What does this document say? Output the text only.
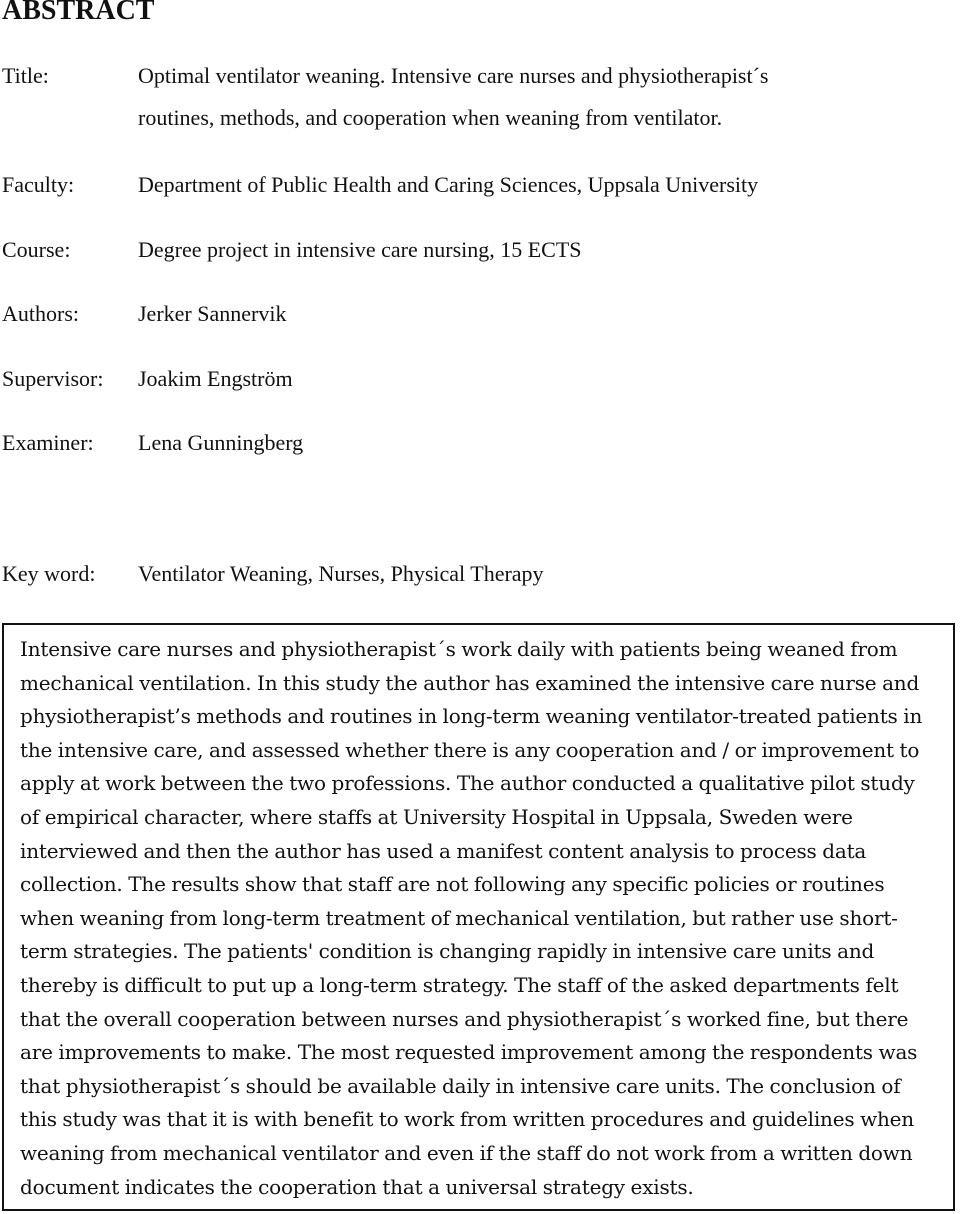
ABSTRACT
Title:	Optimal ventilator weaning. Intensive care nurses and physiotherapist´s
routines, methods, and cooperation when weaning from ventilator.
Faculty:	Department of Public Health and Caring Sciences, Uppsala University
Course:	Degree project in intensive care nursing, 15 ECTS
Authors:	Jerker Sannervik
Supervisor: Joakim Engström
Examiner: Lena Gunningberg
Key word: Ventilator Weaning, Nurses, Physical Therapy
Intensive care nurses and physiotherapist´s work daily with patients being weaned from
mechanical ventilation. In this study the author has examined the intensive care nurse and
physiotherapist’s methods and routines in long-term weaning ventilator-treated patients in
the intensive care, and assessed whether there is any cooperation and / or improvement to
apply at work between the two professions. The author conducted a qualitative pilot study
of empirical character, where staffs at University Hospital in Uppsala, Sweden were
interviewed and then the author has used a manifest content analysis to process data
collection. The results show that staff are not following any specific policies or routines
when weaning from long-term treatment of mechanical ventilation, but rather use short-
term strategies. The patients' condition is changing rapidly in intensive care units and
thereby is difficult to put up a long-term strategy. The staff of the asked departments felt
that the overall cooperation between nurses and physiotherapist´s worked fine, but there
are improvements to make. The most requested improvement among the respondents was
that physiotherapist´s should be available daily in intensive care units. The conclusion of
this study was that it is with benefit to work from written procedures and guidelines when
weaning from mechanical ventilator and even if the staff do not work from a written down
document indicates the cooperation that a universal strategy exists.
